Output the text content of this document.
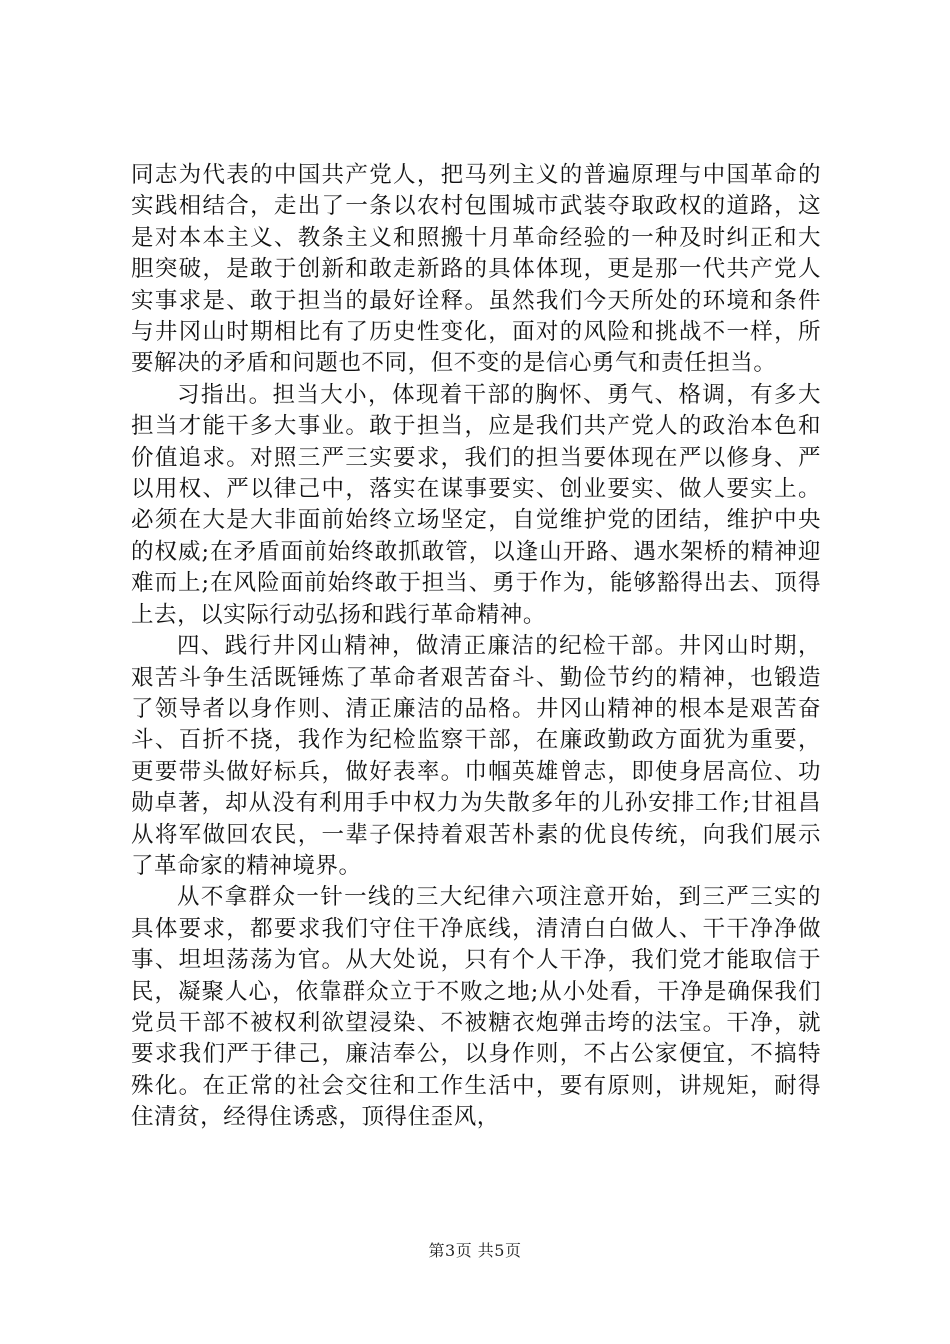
同志为代表的中国共产党人，把马列主义的普遍原理与中国革命的实践相结合，走出了一条以农村包围城市武装夺取政权的道路，这是对本本主义、教条主义和照搬十月革命经验的一种及时纠正和大胆突破，是敢于创新和敢走新路的具体体现，更是那一代共产党人实事求是、敢于担当的最好诠释。虽然我们今天所处的环境和条件与井冈山时期相比有了历史性变化，面对的风险和挑战不一样，所要解决的矛盾和问题也不同，但不变的是信心勇气和责任担当。

习指出。担当大小，体现着干部的胸怀、勇气、格调，有多大担当才能干多大事业。敢于担当，应是我们共产党人的政治本色和价值追求。对照三严三实要求，我们的担当要体现在严以修身、严以用权、严以律己中，落实在谋事要实、创业要实、做人要实上。必须在大是大非面前始终立场坚定，自觉维护党的团结，维护中央的权威;在矛盾面前始终敢抓敢管，以逢山开路、遇水架桥的精神迎难而上;在风险面前始终敢于担当、勇于作为，能够豁得出去、顶得上去，以实际行动弘扬和践行革命精神。

四、践行井冈山精神，做清正廉洁的纪检干部。井冈山时期，艰苦斗争生活既锤炼了革命者艰苦奋斗、勤俭节约的精神，也锻造了领导者以身作则、清正廉洁的品格。井冈山精神的根本是艰苦奋斗、百折不挠，我作为纪检监察干部，在廉政勤政方面犹为重要，更要带头做好标兵，做好表率。巾帼英雄曾志，即使身居高位、功勋卓著，却从没有利用手中权力为失散多年的儿孙安排工作;甘祖昌从将军做回农民，一辈子保持着艰苦朴素的优良传统，向我们展示了革命家的精神境界。

从不拿群众一针一线的三大纪律六项注意开始，到三严三实的具体要求，都要求我们守住干净底线，清清白白做人、干干净净做事、坦坦荡荡为官。从大处说，只有个人干净，我们党才能取信于民，凝聚人心，依靠群众立于不败之地;从小处看，干净是确保我们党员干部不被权利欲望浸染、不被糖衣炮弹击垮的法宝。干净，就要求我们严于律己，廉洁奉公，以身作则，不占公家便宜，不搞特殊化。在正常的社会交往和工作生活中，要有原则，讲规矩，耐得住清贫，经得住诱惑，顶得住歪风，

第3页 共5页
